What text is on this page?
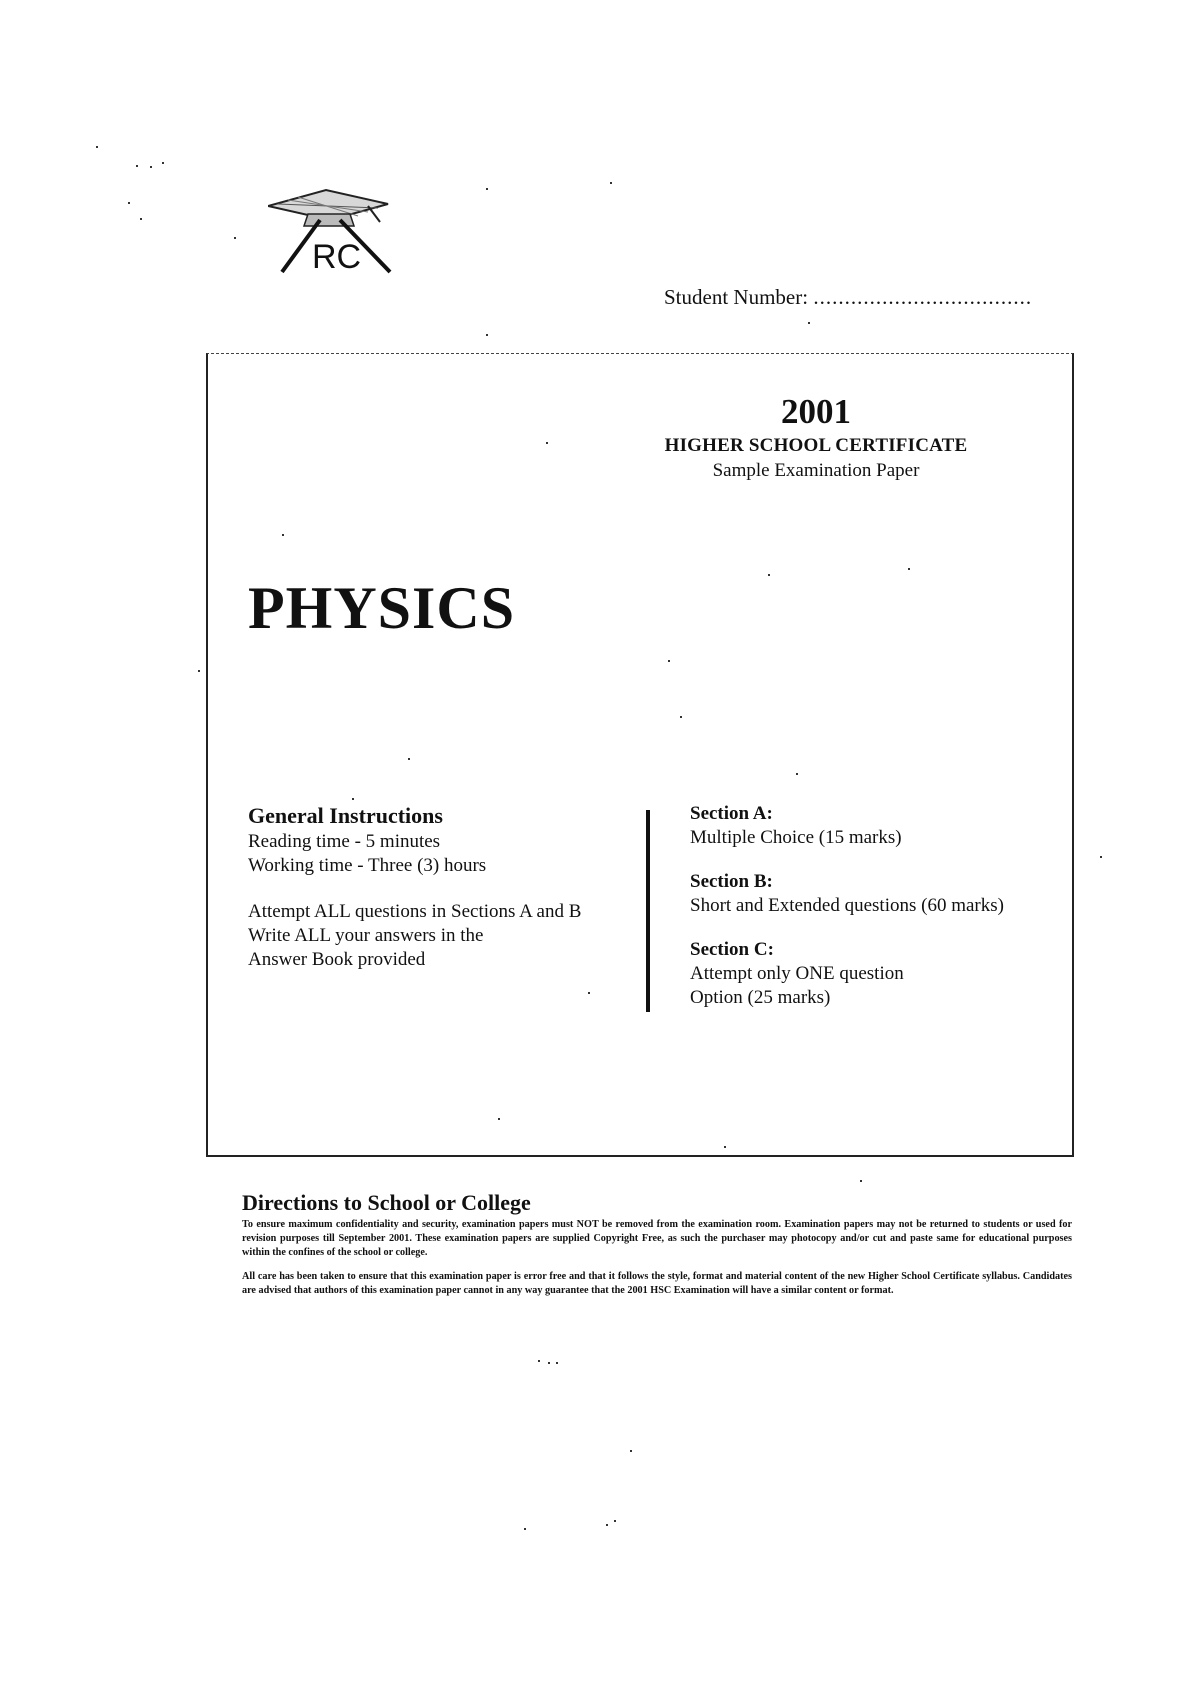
RC
Student Number: ...................................
2001
HIGHER SCHOOL CERTIFICATE
Sample Examination Paper
PHYSICS
General Instructions
Reading time - 5 minutes
Working time - Three (3) hours
Attempt ALL questions in Sections A and B
Write ALL your answers in the
Answer Book provided
Section A:
Multiple Choice (15 marks)
Section B:
Short and Extended questions (60 marks)
Section C:
Attempt only ONE question
Option (25 marks)
Directions to School or College

To ensure maximum confidentiality and security, examination papers must NOT be removed from the examination room. Examination papers may not be returned to students or used for revision purposes till September 2001. These examination papers are supplied Copyright Free, as such the purchaser may photocopy and/or cut and paste same for educational purposes within the confines of the school or college.

All care has been taken to ensure that this examination paper is error free and that it follows the style, format and material content of the new Higher School Certificate syllabus. Candidates are advised that authors of this examination paper cannot in any way guarantee that the 2001 HSC Examination will have a similar content or format.
